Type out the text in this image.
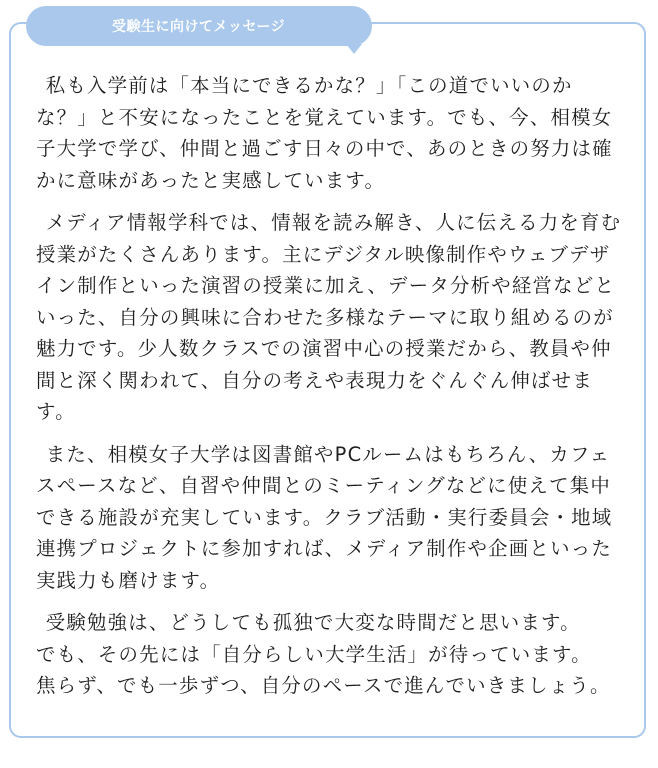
受験生に向けてメッセージ

私も入学前は「本当にできるかな？」「この道でいいのかな？」と不安になったことを覚えています。でも、今、相模女子大学で学び、仲間と過ごす日々の中で、あのときの努力は確かに意味があったと実感しています。

メディア情報学科では、情報を読み解き、人に伝える力を育む授業がたくさんあります。主にデジタル映像制作やウェブデザイン制作といった演習の授業に加え、データ分析や経営などといった、自分の興味に合わせた多様なテーマに取り組めるのが魅力です。少人数クラスでの演習中心の授業だから、教員や仲間と深く関われて、自分の考えや表現力をぐんぐん伸ばせます。

また、相模女子大学は図書館やPCルームはもちろん、カフェスペースなど、自習や仲間とのミーティングなどに使えて集中できる施設が充実しています。クラブ活動・実行委員会・地域連携プロジェクトに参加すれば、メディア制作や企画といった実践力も磨けます。

受験勉強は、どうしても孤独で大変な時間だと思います。
でも、その先には「自分らしい大学生活」が待っています。
焦らず、でも一歩ずつ、自分のペースで進んでいきましょう。
